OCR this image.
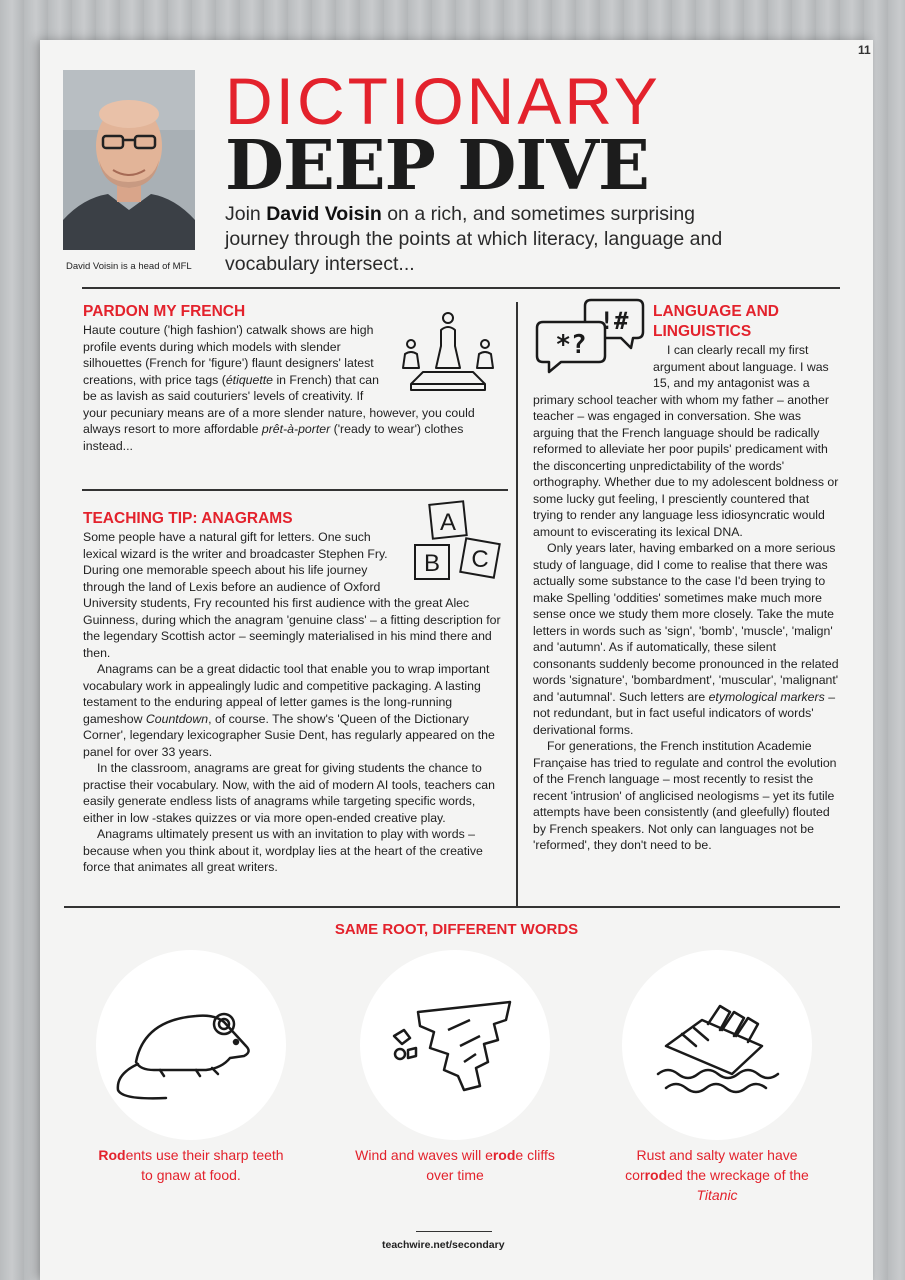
11
David Voisin is a head of MFL
DICTIONARY
DEEP DIVE
Join David Voisin on a rich, and sometimes surprising journey through the points at which literacy, language and vocabulary intersect...
PARDON MY FRENCH

Haute couture ('high fashion') catwalk shows are high profile events during which models with slender silhouettes (French for 'figure') flaunt designers' latest creations, with price tags (étiquette in French) that can be as lavish as said couturiers' levels of creativity. If your pecuniary means are of a more slender nature, however, you could always resort to more affordable prêt-à-porter ('ready to wear') clothes instead...

TEACHING TIP: ANAGRAMS	A
B C

Some people have a natural gift for letters. One such lexical wizard is the writer and broadcaster Stephen Fry. During one memorable speech about his life journey through the land of Lexis before an audience of Oxford University students, Fry recounted his first audience with the great Alec Guinness, during which the anagram 'genuine class' – a fitting description for the legendary Scottish actor – seemingly materialised in his mind there and then.

Anagrams can be a great didactic tool that enable you to wrap important vocabulary work in appealingly ludic and competitive packaging. A lasting testament to the enduring appeal of letter games is the long-running gameshow Countdown, of course. The show's 'Queen of the Dictionary Corner', legendary lexicographer Susie Dent, has regularly appeared on the panel for over 33 years.

In the classroom, anagrams are great for giving students the chance to practise their vocabulary. Now, with the aid of modern AI tools, teachers can easily generate endless lists of anagrams while targeting specific words, either in low -stakes quizzes or via more open-ended creative play.

Anagrams ultimately present us with an invitation to play with words – because when you think about it, wordplay lies at the heart of the creative force that animates all great writers.

!#
*?
LANGUAGE AND
LINGUISTICS

I can clearly recall my first argument about language. I was 15, and my antagonist was a primary school teacher with whom my father – another teacher – was engaged in conversation. She was arguing that the French language should be radically reformed to alleviate her poor pupils' predicament with the disconcerting unpredictability of the words' orthography. Whether due to my adolescent boldness or some lucky gut feeling, I presciently countered that trying to render any language less idiosyncratic would amount to eviscerating its lexical DNA.

Only years later, having embarked on a more serious study of language, did I come to realise that there was actually some substance to the case I'd been trying to make Spelling 'oddities' sometimes make much more sense once we study them more closely. Take the mute letters in words such as 'sign', 'bomb', 'muscle', 'malign' and 'autumn'. As if automatically, these silent consonants suddenly become pronounced in the related words 'signature', 'bombardment', 'muscular', 'malignant' and 'autumnal'. Such letters are etymological markers – not redundant, but in fact useful indicators of words' derivational forms.

For generations, the French institution Academie Française has tried to regulate and control the evolution of the French language – most recently to resist the recent 'intrusion' of anglicised neologisms – yet its futile attempts have been consistently (and gleefully) flouted by French speakers. Not only can languages not be 'reformed', they don't need to be.

SAME ROOT, DIFFERENT WORDS
Rodents use their sharp teeth to gnaw at food.
Wind and waves will erode cliffs over time
Rust and salty water have corroded the wreckage of the Titanic
teachwire.net/secondary
